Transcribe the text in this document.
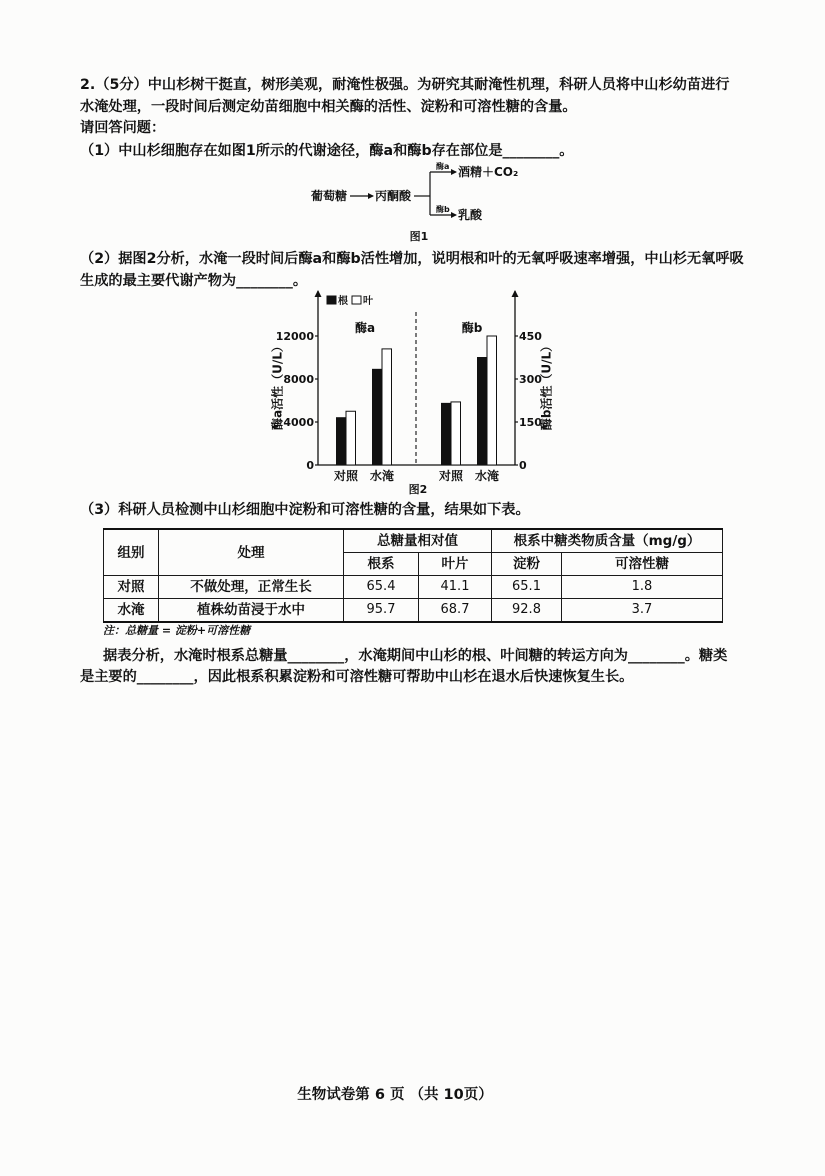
2.（5分）中山杉树干挺直，树形美观，耐淹性极强。为研究其耐淹性机理，科研人员将中山杉幼苗进行
水淹处理，一段时间后测定幼苗细胞中相关酶的活性、淀粉和可溶性糖的含量。
请回答问题：
（1）中山杉细胞存在如图1所示的代谢途径，酶a和酶b存在部位是________。
葡萄糖 丙酮酸
酶a 酒精＋CO₂
酶b 乳酸
图1
（2）据图2分析，水淹一段时间后酶a和酶b活性增加，说明根和叶的无氧呼吸速率增强，中山杉无氧呼吸
生成的最主要代谢产物为________。
根 叶
酶a	酶b
酶a活性（U/L）	酶b活性（U/L）
0
4000
8000
12000
对照 水淹
0
150
300
450
对照 水淹
图2
（3）科研人员检测中山杉细胞中淀粉和可溶性糖的含量，结果如下表。
组别	处理	总糖量相对值		根系中糖类物质含量（mg/g）	
		根系	叶片	淀粉	可溶性糖
对照	不做处理，正常生长	65.4	41.1	65.1	1.8
水淹	植株幼苗浸于水中	95.7	68.7	92.8	3.7
注：总糖量 = 淀粉+可溶性糖
据表分析，水淹时根系总糖量________，水淹期间中山杉的根、叶间糖的转运方向为________。糖类
是主要的________，因此根系积累淀粉和可溶性糖可帮助中山杉在退水后快速恢复生长。
生物试卷第 6 页 （共 10页）
